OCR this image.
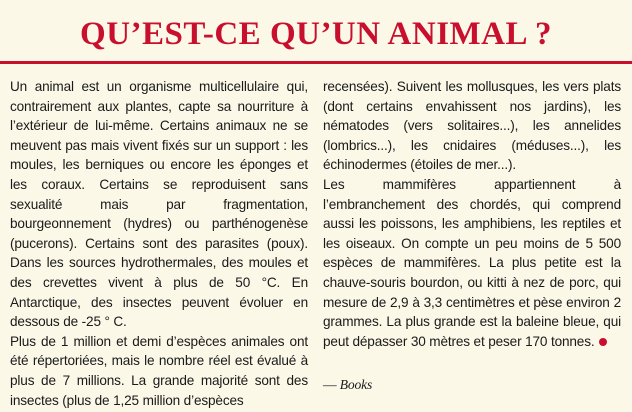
QU’EST-CE QU’UN ANIMAL ?

Un animal est un organisme multicellulaire qui, contrairement aux plantes, capte sa nourriture à l’extérieur de lui-même. Certains animaux ne se meuvent pas mais vivent fixés sur un support : les moules, les berniques ou encore les éponges et les coraux. Certains se reproduisent sans sexualité mais par fragmentation, bourgeonnement (hydres) ou parthénogenèse (pucerons). Certains sont des parasites (poux). Dans les sources hydrothermales, des moules et des crevettes vivent à plus de 50 °C. En Antarctique, des insectes peuvent évoluer en dessous de -25 ° C.

Plus de 1 million et demi d’espèces animales ont été répertoriées, mais le nombre réel est évalué à plus de 7 millions. La grande majorité sont des insectes (plus de 1,25 million d’espèces

recensées). Suivent les mollusques, les vers plats (dont certains envahissent nos jardins), les nématodes (vers solitaires...), les annelides (lombrics...), les cnidaires (méduses...), les échinodermes (étoiles de mer...).

Les mammifères appartiennent à l’embranchement des chordés, qui comprend aussi les poissons, les amphibiens, les reptiles et les oiseaux. On compte un peu moins de 5 500 espèces de mammifères. La plus petite est la chauve-souris bourdon, ou kitti à nez de porc, qui mesure de 2,9 à 3,3 centimètres et pèse environ 2 grammes. La plus grande est la baleine bleue, qui peut dépasser 30 mètres et peser 170 tonnes.

— Books
